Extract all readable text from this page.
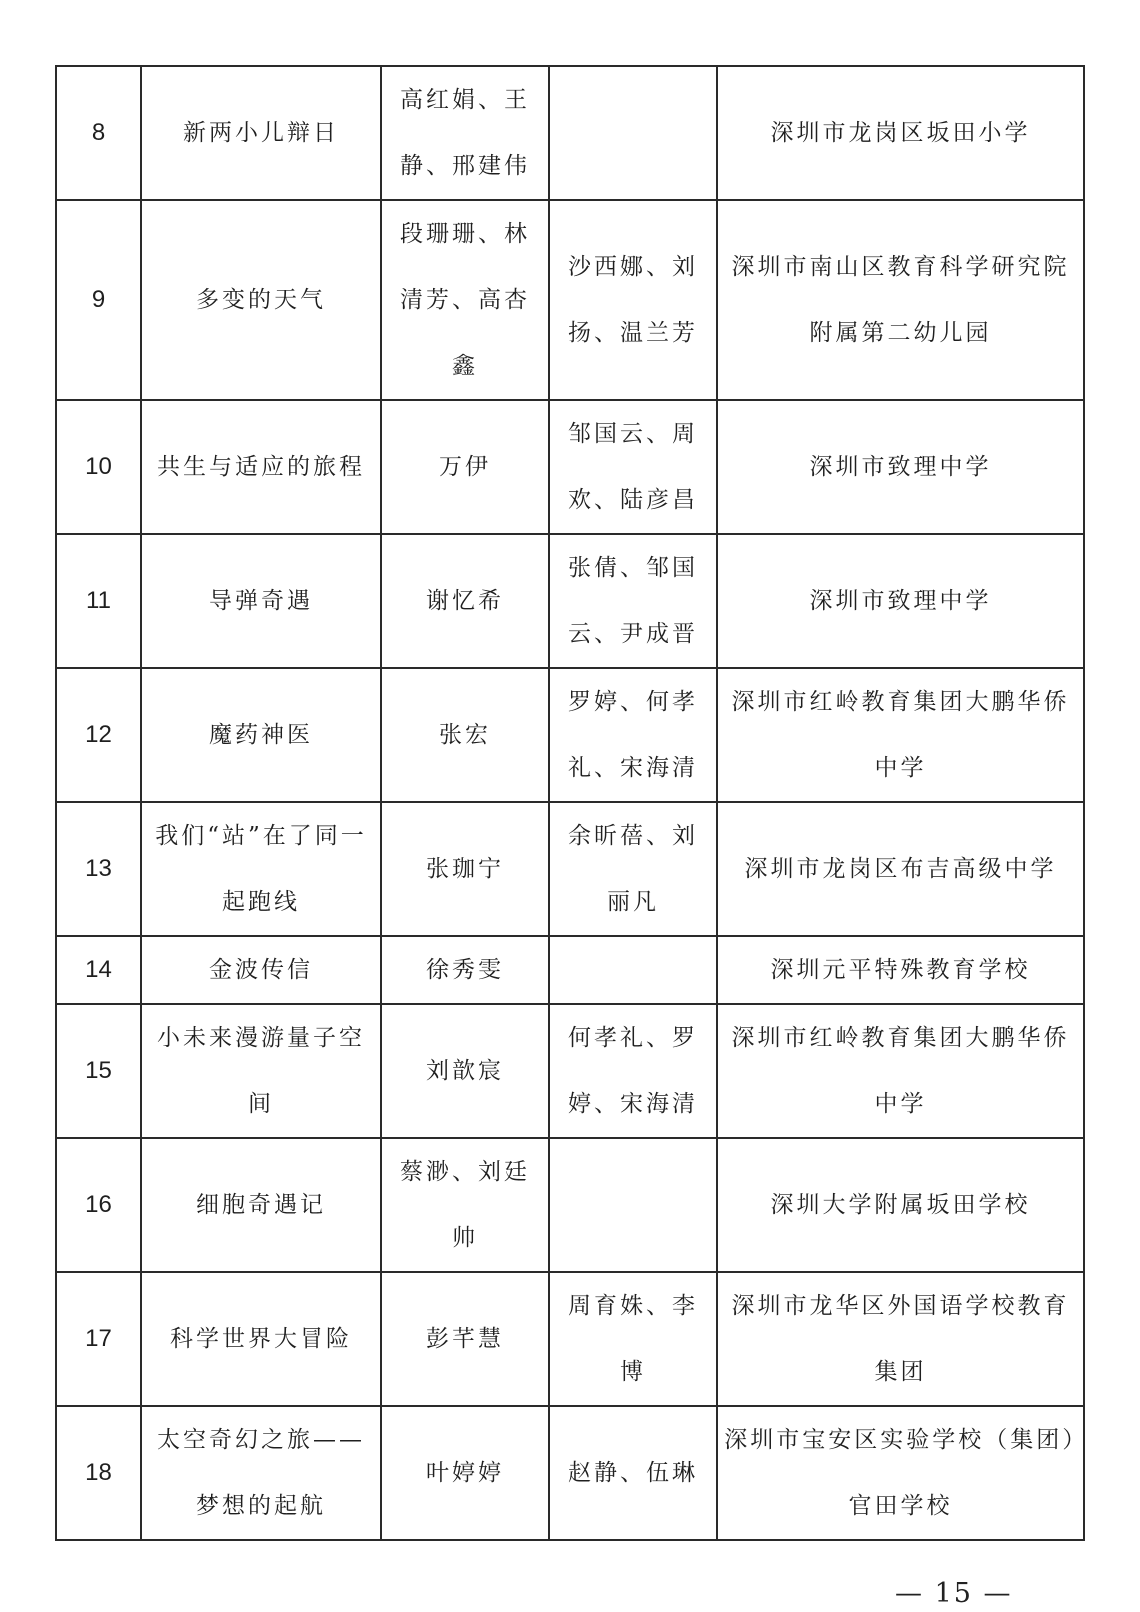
8	新两小儿辩日	高红娟、王静、邢建伟		深圳市龙岗区坂田小学
9	多变的天气	段珊珊、林清芳、高杏鑫	沙西娜、刘扬、温兰芳	深圳市南山区教育科学研究院附属第二幼儿园
10	共生与适应的旅程	万伊	邹国云、周欢、陆彦昌	深圳市致理中学
11	导弹奇遇	谢忆希	张倩、邹国云、尹成晋	深圳市致理中学
12	魔药神医	张宏	罗婷、何孝礼、宋海清	深圳市红岭教育集团大鹏华侨中学
13	我们“站”在了同一起跑线	张珈宁	余昕蓓、刘丽凡	深圳市龙岗区布吉高级中学
14	金波传信	徐秀雯		深圳元平特殊教育学校
15	小未来漫游量子空间	刘歆宸	何孝礼、罗婷、宋海清	深圳市红岭教育集团大鹏华侨中学
16	细胞奇遇记	蔡渺、刘廷帅		深圳大学附属坂田学校
17	科学世界大冒险	彭芊慧	周育姝、李博	深圳市龙华区外国语学校教育集团
18	太空奇幻之旅——梦想的起航	叶婷婷	赵静、伍琳	深圳市宝安区实验学校（集团）官田学校
— 15 —
